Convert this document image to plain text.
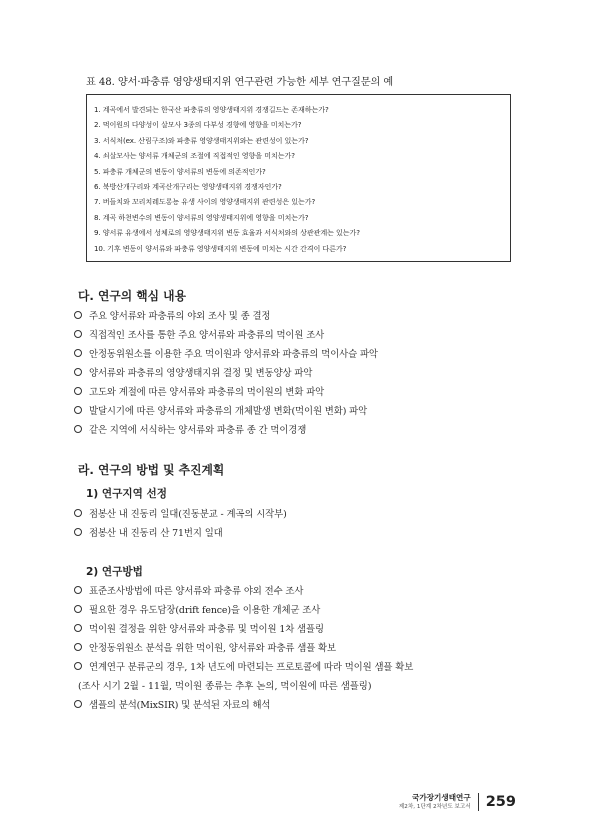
표 48. 양서·파충류 영양생태지위 연구관련 가능한 세부 연구질문의 예
1. 계곡에서 발견되는 한국산 파충류의 영양생태지위 경쟁길드는 존재하는가?
2. 먹이원의 다양성이 살모사 3종의 다부성 경향에 영향을 미치는가?
3. 서식처(ex. 산림구조)와 파충류 영양생태지위와는 관련성이 있는가?
4. 쇠살모사는 양서류 개체군의 조절에 직접적인 영향을 미치는가?
5. 파충류 개체군의 변동이 양서류의 변동에 의존적인가?
6. 북방산개구리와 계곡산개구리는 영양생태지위 경쟁자인가?
7. 버들치와 꼬리치레도롱뇽 유생 사이의 영양생태지위 관련성은 있는가?
8. 계곡 하천변수의 변동이 양서류의 영양생태지위에 영향을 미치는가?
9. 양서류 유생에서 성체로의 영양생태지위 변동 효율과 서식처와의 상관관계는 있는가?
10. 기후 변동이 양서류와 파충류 영양생태지위 변동에 미치는 시간 간격이 다른가?
다. 연구의 핵심 내용
주요 양서류와 파충류의 야외 조사 및 종 결정
직접적인 조사를 통한 주요 양서류와 파충류의 먹이원 조사
안정동위원소를 이용한 주요 먹이원과 양서류와 파충류의 먹이사슬 파악
양서류와 파충류의 영양생태지위 결정 및 변동양상 파악
고도와 계절에 따른 양서류와 파충류의 먹이원의 변화 파악
발달시기에 따른 양서류와 파충류의 개체발생 변화(먹이원 변화) 파악
같은 지역에 서식하는 양서류와 파충류 종 간 먹이경쟁
라. 연구의 방법 및 추진계획
1) 연구지역 선정
점봉산 내 진동리 일대(진동분교 - 계곡의 시작부)
점봉산 내 진동리 산 71번지 일대
2) 연구방법
표준조사방법에 따른 양서류와 파충류 야외 전수 조사
필요한 경우 유도담장(drift fence)을 이용한 개체군 조사
먹이원 결정을 위한 양서류와 파충류 및 먹이원 1차 샘플링
안정동위원소 분석을 위한 먹이원, 양서류와 파충류 샘플 확보
연계연구 분류군의 경우, 1차 년도에 마련되는 프로토콜에 따라 먹이원 샘플 확보
(조사 시기 2월 - 11월, 먹이원 종류는 추후 논의, 먹이원에 따른 샘플링)
샘플의 분석(MixSIR) 및 분석된 자료의 해석
국가장기생태연구
제2차, 1단계 2차년도 보고서	259
